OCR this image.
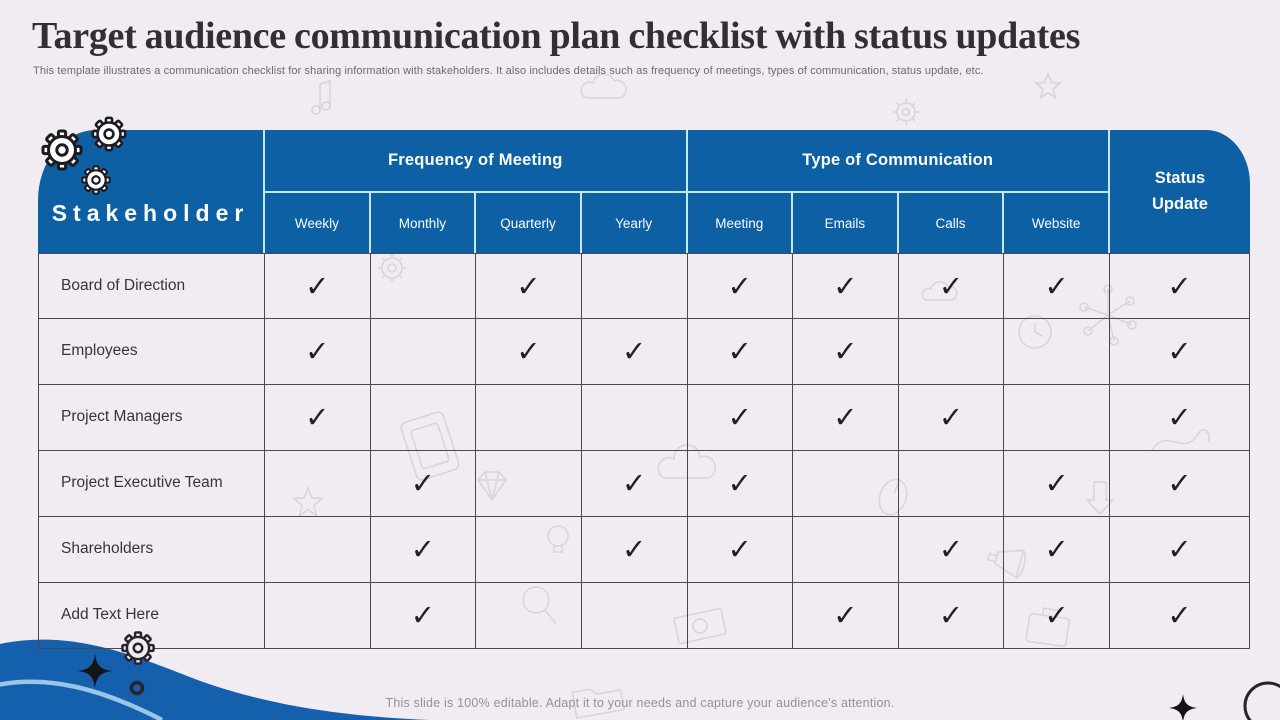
Target audience communication plan checklist with status updates
This template illustrates a communication checklist for sharing information with stakeholders. It also includes details such as frequency of meetings, types of communication, status update, etc.
Stakeholder	Frequency of Meeting				Type of Communication				Status Update
	Weekly	Monthly	Quarterly	Yearly	Meeting	Emails	Calls	Website	
Board of Direction	✓		✓		✓	✓	✓	✓	✓
Employees	✓		✓	✓	✓	✓			✓
Project Managers	✓				✓	✓	✓		✓
Project Executive Team		✓		✓	✓			✓	✓
Shareholders		✓		✓	✓		✓	✓	✓
Add Text Here		✓				✓	✓	✓	✓
This slide is 100% editable. Adapt it to your needs and capture your audience's attention.
